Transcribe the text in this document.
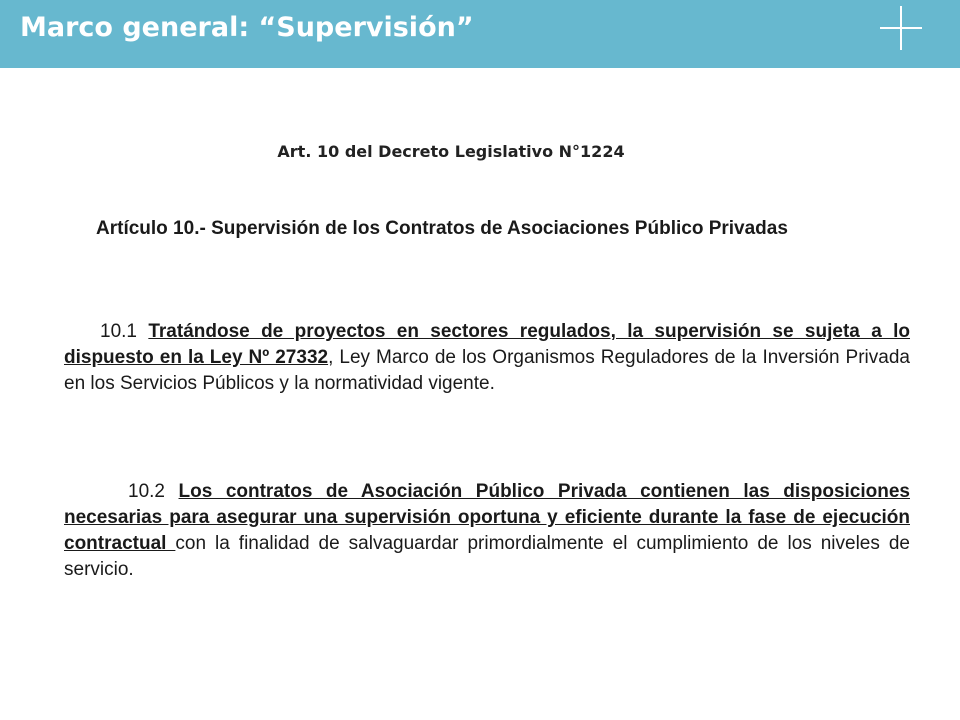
Marco general: “Supervisión”
Art. 10 del Decreto Legislativo N°1224
Artículo 10.- Supervisión de los Contratos de Asociaciones Público Privadas
10.1 Tratándose de proyectos en sectores regulados, la supervisión se sujeta a lo dispuesto en la Ley Nº 27332, Ley Marco de los Organismos Reguladores de la Inversión Privada en los Servicios Públicos y la normatividad vigente.
10.2 Los contratos de Asociación Público Privada contienen las disposiciones necesarias para asegurar una supervisión oportuna y eficiente durante la fase de ejecución contractual con la finalidad de salvaguardar primordialmente el cumplimiento de los niveles de servicio.
